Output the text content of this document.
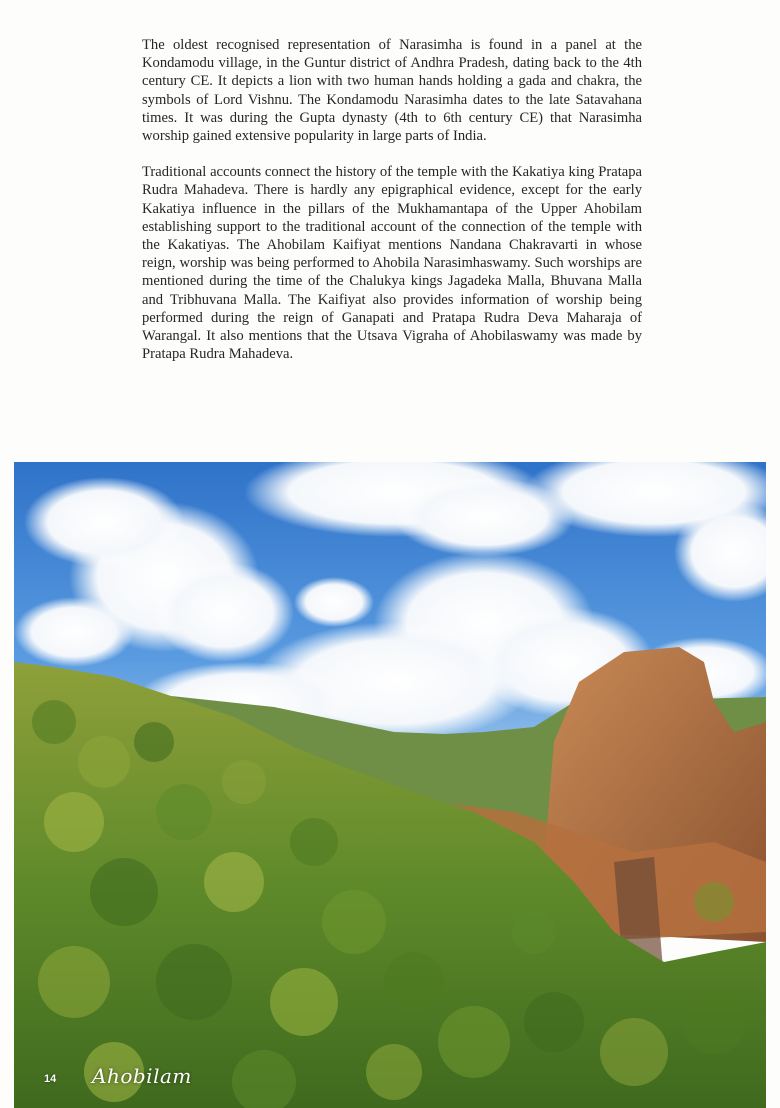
The oldest recognised representation of Narasimha is found in a panel at the Kondamodu village, in the Guntur district of Andhra Pradesh, dating back to the 4th century CE. It depicts a lion with two human hands holding a gada and chakra, the symbols of Lord Vishnu. The Kondamodu Narasimha dates to the late Satavahana times. It was during the Gupta dynasty (4th to 6th century CE) that Narasimha worship gained extensive popularity in large parts of India.

Traditional accounts connect the history of the temple with the Kakatiya king Pratapa Rudra Mahadeva. There is hardly any epigraphical evidence, except for the early Kakatiya influence in the pillars of the Mukhamantapa of the Upper Ahobilam establishing support to the traditional account of the connection of the temple with the Kakatiyas. The Ahobilam Kaifiyat mentions Nandana Chakravarti in whose reign, worship was being performed to Ahobila Narasimhaswamy. Such worships are mentioned during the time of the Chalukya kings Jagadeka Malla, Bhuvana Malla and Tribhuvana Malla. The Kaifiyat also provides information of worship being performed during the reign of Ganapati and Pratapa Rudra Deva Maharaja of Warangal. It also mentions that the Utsava Vigraha of Ahobilaswamy was made by Pratapa Rudra Mahadeva.

14 Ahobilam
